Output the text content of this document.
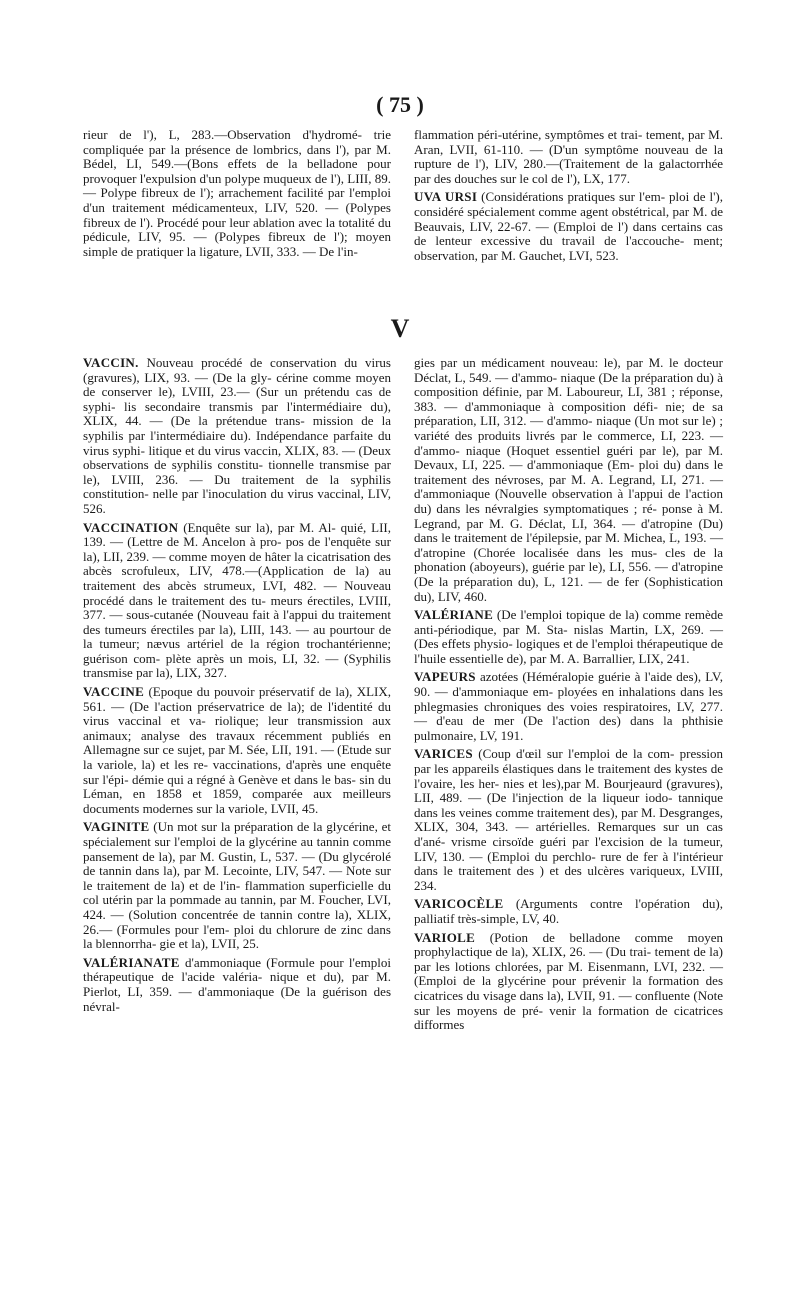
( 75 )

rieur de l'), L, 283.—Observation d'hydromé- trie compliquée par la présence de lombrics, dans l'), par M. Bédel, LI, 549.—(Bons effets de la belladone pour provoquer l'expulsion d'un polype muqueux de l'), LIII, 89. — Polype fibreux de l'); arrachement facilité par l'emploi d'un traitement médicamenteux, LIV, 520. — (Polypes fibreux de l'). Procédé pour leur ablation avec la totalité du pédicule, LIV, 95. — (Polypes fibreux de l'); moyen simple de pratiquer la ligature, LVII, 333. — De l'in-

flammation péri-utérine, symptômes et trai- tement, par M. Aran, LVII, 61-110. — (D'un symptôme nouveau de la rupture de l'), LIV, 280.—(Traitement de la galactorrhée par des douches sur le col de l'), LX, 177.

UVA URSI (Considérations pratiques sur l'em- ploi de l'), considéré spécialement comme agent obstétrical, par M. de Beauvais, LIV, 22-67. — (Emploi de l') dans certains cas de lenteur excessive du travail de l'accouche- ment; observation, par M. Gauchet, LVI, 523.

V

VACCIN. Nouveau procédé de conservation du virus (gravures), LIX, 93. — (De la gly- cérine comme moyen de conserver le), LVIII, 23.— (Sur un prétendu cas de syphi- lis secondaire transmis par l'intermédiaire du), XLIX, 44. — (De la prétendue trans- mission de la syphilis par l'intermédiaire du). Indépendance parfaite du virus syphi- litique et du virus vaccin, XLIX, 83. — (Deux observations de syphilis constitu- tionnelle transmise par le), LVIII, 236. — Du traitement de la syphilis constitution- nelle par l'inoculation du virus vaccinal, LIV, 526.

VACCINATION (Enquête sur la), par M. Al- quié, LII, 139. — (Lettre de M. Ancelon à pro- pos de l'enquête sur la), LII, 239. — comme moyen de hâter la cicatrisation des abcès scrofuleux, LIV, 478.—(Application de la) au traitement des abcès strumeux, LVI, 482. — Nouveau procédé dans le traitement des tu- meurs érectiles, LVIII, 377. — sous-cutanée (Nouveau fait à l'appui du traitement des tumeurs érectiles par la), LIII, 143. — au pourtour de la tumeur; nævus artériel de la région trochantérienne; guérison com- plète après un mois, LI, 32. — (Syphilis transmise par la), LIX, 327.

VACCINE (Epoque du pouvoir préservatif de la), XLIX, 561. — (De l'action préservatrice de la); de l'identité du virus vaccinal et va- riolique; leur transmission aux animaux; analyse des travaux récemment publiés en Allemagne sur ce sujet, par M. Sée, LII, 191. — (Etude sur la variole, la) et les re- vaccinations, d'après une enquête sur l'épi- démie qui a régné à Genève et dans le bas- sin du Léman, en 1858 et 1859, comparée aux meilleurs documents modernes sur la variole, LVII, 45.

VAGINITE (Un mot sur la préparation de la glycérine, et spécialement sur l'emploi de la glycérine au tannin comme pansement de la), par M. Gustin, L, 537. — (Du glycérolé de tannin dans la), par M. Lecointe, LIV, 547. — Note sur le traitement de la) et de l'in- flammation superficielle du col utérin par la pommade au tannin, par M. Foucher, LVI, 424. — (Solution concentrée de tannin contre la), XLIX, 26.— (Formules pour l'em- ploi du chlorure de zinc dans la blennorrha- gie et la), LVII, 25.

VALÉRIANATE d'ammoniaque (Formule pour l'emploi thérapeutique de l'acide valéria- nique et du), par M. Pierlot, LI, 359. — d'ammoniaque (De la guérison des névral-

gies par un médicament nouveau: le), par M. le docteur Déclat, L, 549. — d'ammo- niaque (De la préparation du) à composition définie, par M. Laboureur, LI, 381 ; réponse, 383. — d'ammoniaque à composition défi- nie; de sa préparation, LII, 312. — d'ammo- niaque (Un mot sur le) ; variété des produits livrés par le commerce, LI, 223. — d'ammo- niaque (Hoquet essentiel guéri par le), par M. Devaux, LI, 225. — d'ammoniaque (Em- ploi du) dans le traitement des névroses, par M. A. Legrand, LI, 271. — d'ammoniaque (Nouvelle observation à l'appui de l'action du) dans les névralgies symptomatiques ; ré- ponse à M. Legrand, par M. G. Déclat, LI, 364. — d'atropine (Du) dans le traitement de l'épilepsie, par M. Michea, L, 193. — d'atropine (Chorée localisée dans les mus- cles de la phonation (aboyeurs), guérie par le), LI, 556. — d'atropine (De la préparation du), L, 121. — de fer (Sophistication du), LIV, 460.

VALÉRIANE (De l'emploi topique de la) comme remède anti-périodique, par M. Sta- nislas Martin, LX, 269. — (Des effets physio- logiques et de l'emploi thérapeutique de l'huile essentielle de), par M. A. Barrallier, LIX, 241.

VAPEURS azotées (Héméralopie guérie à l'aide des), LV, 90. — d'ammoniaque em- ployées en inhalations dans les phlegmasies chroniques des voies respiratoires, LV, 277. — d'eau de mer (De l'action des) dans la phthisie pulmonaire, LV, 191.

VARICES (Coup d'œil sur l'emploi de la com- pression par les appareils élastiques dans le traitement des kystes de l'ovaire, les her- nies et les),par M. Bourjeaurd (gravures), LII, 489. — (De l'injection de la liqueur iodo- tannique dans les veines comme traitement des), par M. Desgranges, XLIX, 304, 343. — artérielles. Remarques sur un cas d'ané- vrisme cirsoïde guéri par l'excision de la tumeur, LIV, 130. — (Emploi du perchlo- rure de fer à l'intérieur dans le traitement des ) et des ulcères variqueux, LVIII, 234.

VARICOCÈLE (Arguments contre l'opération du), palliatif très-simple, LV, 40.

VARIOLE (Potion de belladone comme moyen prophylactique de la), XLIX, 26. — (Du trai- tement de la) par les lotions chlorées, par M. Eisenmann, LVI, 232. — (Emploi de la glycérine pour prévenir la formation des cicatrices du visage dans la), LVII, 91. — confluente (Note sur les moyens de pré- venir la formation de cicatrices difformes
